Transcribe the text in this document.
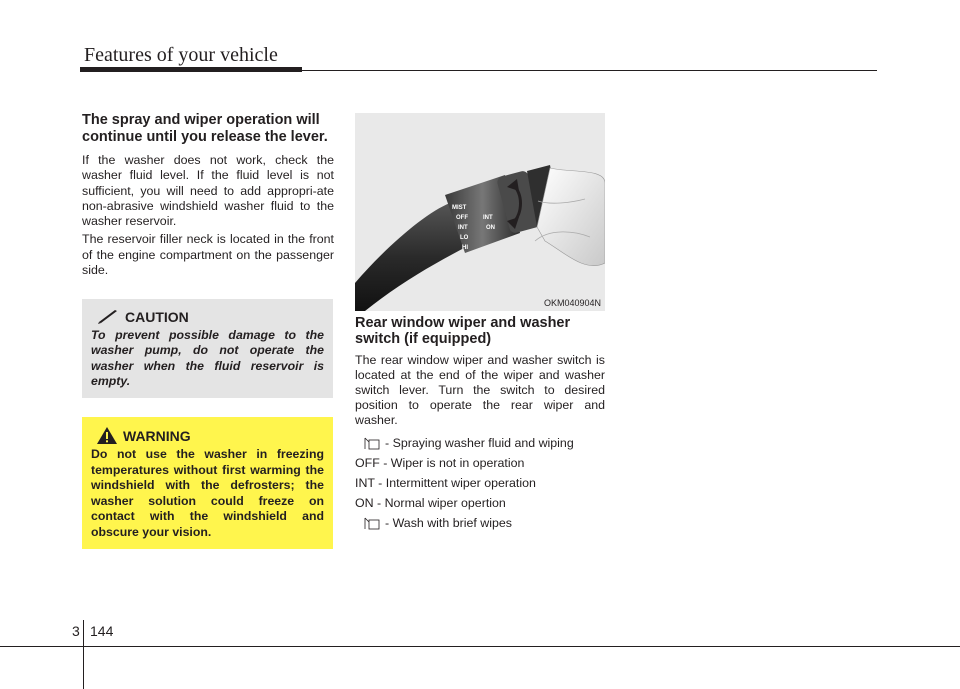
Features of your vehicle

The spray and wiper operation will continue until you release the lever.

If the washer does not work, check the washer fluid level. If the fluid level is not sufficient, you will need to add appropri-ate non-abrasive windshield washer fluid to the washer reservoir.

The reservoir filler neck is located in the front of the engine compartment on the passenger side.

CAUTION
To prevent possible damage to the washer pump, do not operate the washer when the fluid reservoir is empty.
WARNING
Do not use the washer in freezing temperatures without first warming the windshield with the defrosters; the washer solution could freeze on contact with the windshield and obscure your vision.
MIST
OFF
INT
LO
HI
INT
ON
OKM040904N

Rear window wiper and washer switch (if equipped)

The rear window wiper and washer switch is located at the end of the wiper and washer switch lever. Turn the switch to desired position to operate the rear wiper and washer.

- Spraying washer fluid and wiping
OFF - Wiper is not in operation
INT - Intermittent wiper operation
ON - Normal wiper opertion
- Wash with brief wipes
3 144
